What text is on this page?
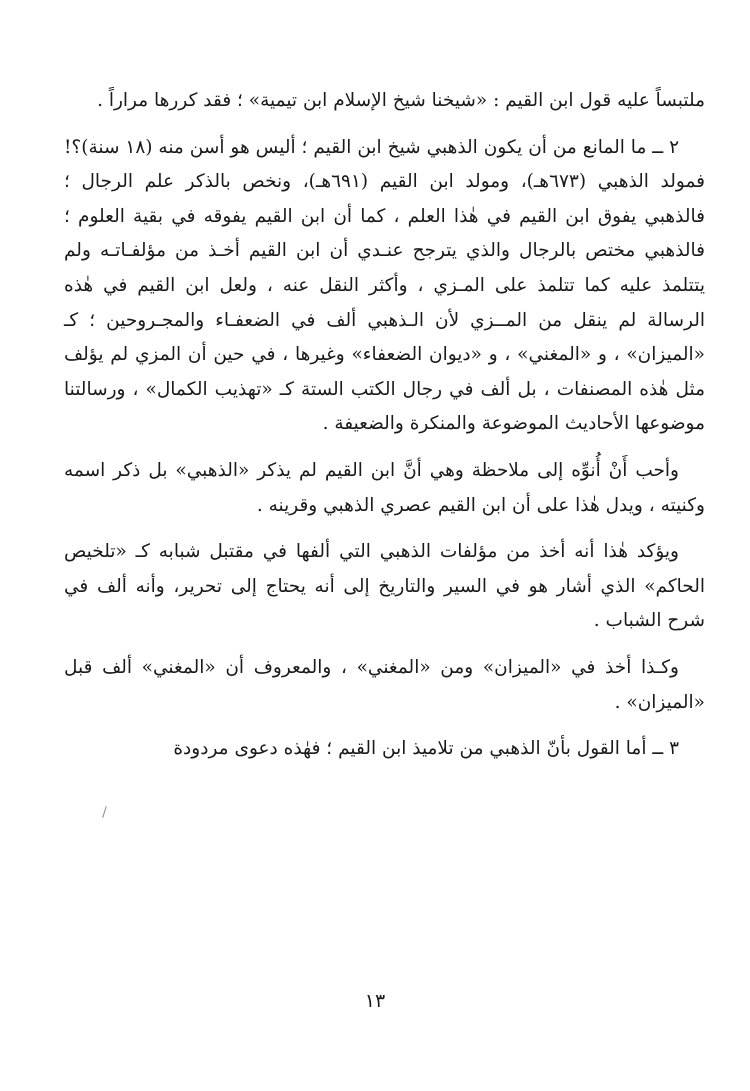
ملتبساً عليه قول ابن القيم : «شيخنا شيخ الإسلام ابن تيمية» ؛ فقد كررها مراراً .

٢ ــ ما المانع من أن يكون الذهبي شيخ ابن القيم ؛ أليس هو أسن منه (١٨ سنة)؟! فمولد الذهبي (٦٧٣هـ)، ومولد ابن القيم (٦٩١هـ)، ونخص بالذكر علم الرجال ؛ فالذهبي يفوق ابن القيم في هٰذا العلم ، كما أن ابن القيم يفوقه في بقية العلوم ؛ فالذهبي مختص بالرجال والذي يترجح عنـدي أن ابن القيم أخـذ من مؤلفـاتـه ولم يتتلمذ عليه كما تتلمذ على المـزي ، وأكثر النقل عنه ، ولعل ابن القيم في هٰذه الرسالة لم ينقل من المــزي لأن الـذهبي ألف في الضعفـاء والمجـروحين ؛ كـ «الميزان» ، و «المغني» ، و «ديوان الضعفاء» وغيرها ، في حين أن المزي لم يؤلف مثل هٰذه المصنفات ، بل ألف في رجال الكتب الستة كـ «تهذيب الكمال» ، ورسالتنا موضوعها الأحاديث الموضوعة والمنكرة والضعيفة .

وأحب أَنْ أُنوِّه إلى ملاحظة وهي أنَّ ابن القيم لم يذكر «الذهبي» بل ذكر اسمه وكنيته ، ويدل هٰذا على أن ابن القيم عصري الذهبي وقرينه .

ويؤكد هٰذا أنه أخذ من مؤلفات الذهبي التي ألفها في مقتبل شبابه كـ «تلخيص الحاكم» الذي أشار هو في السير والتاريخ إلى أنه يحتاج إلى تحرير، وأنه ألف في شرح الشباب .

وكـذا أخذ في «الميزان» ومن «المغني» ، والمعروف أن «المغني» ألف قبل «الميزان» .

٣ ــ أما القول بأنّ الذهبي من تلاميذ ابن القيم ؛ فهٰذه دعوى مردودة

١٣
